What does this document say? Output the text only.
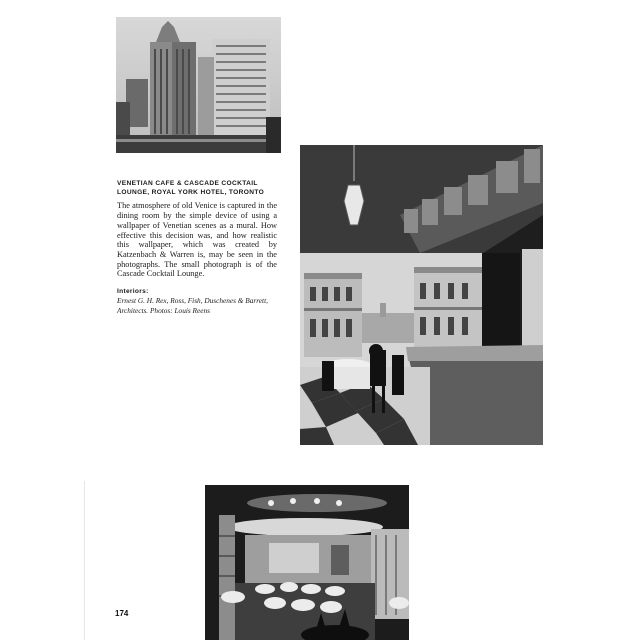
VENETIAN CAFE & CASCADE COCKTAIL LOUNGE, ROYAL YORK HOTEL, TORONTO

The atmosphere of old Venice is captured in the dining room by the simple device of using a wallpaper of Venetian scenes as a mural. How effective this decision was, and how realistic this wallpaper, which was created by Katzenbach & Warren is, may be seen in the photographs. The small photograph is of the Cascade Cocktail Lounge.

Interiors:

Ernest G. H. Rex, Ross, Fish, Duschenes & Barrett, Architects. Photos: Louis Reens

174
